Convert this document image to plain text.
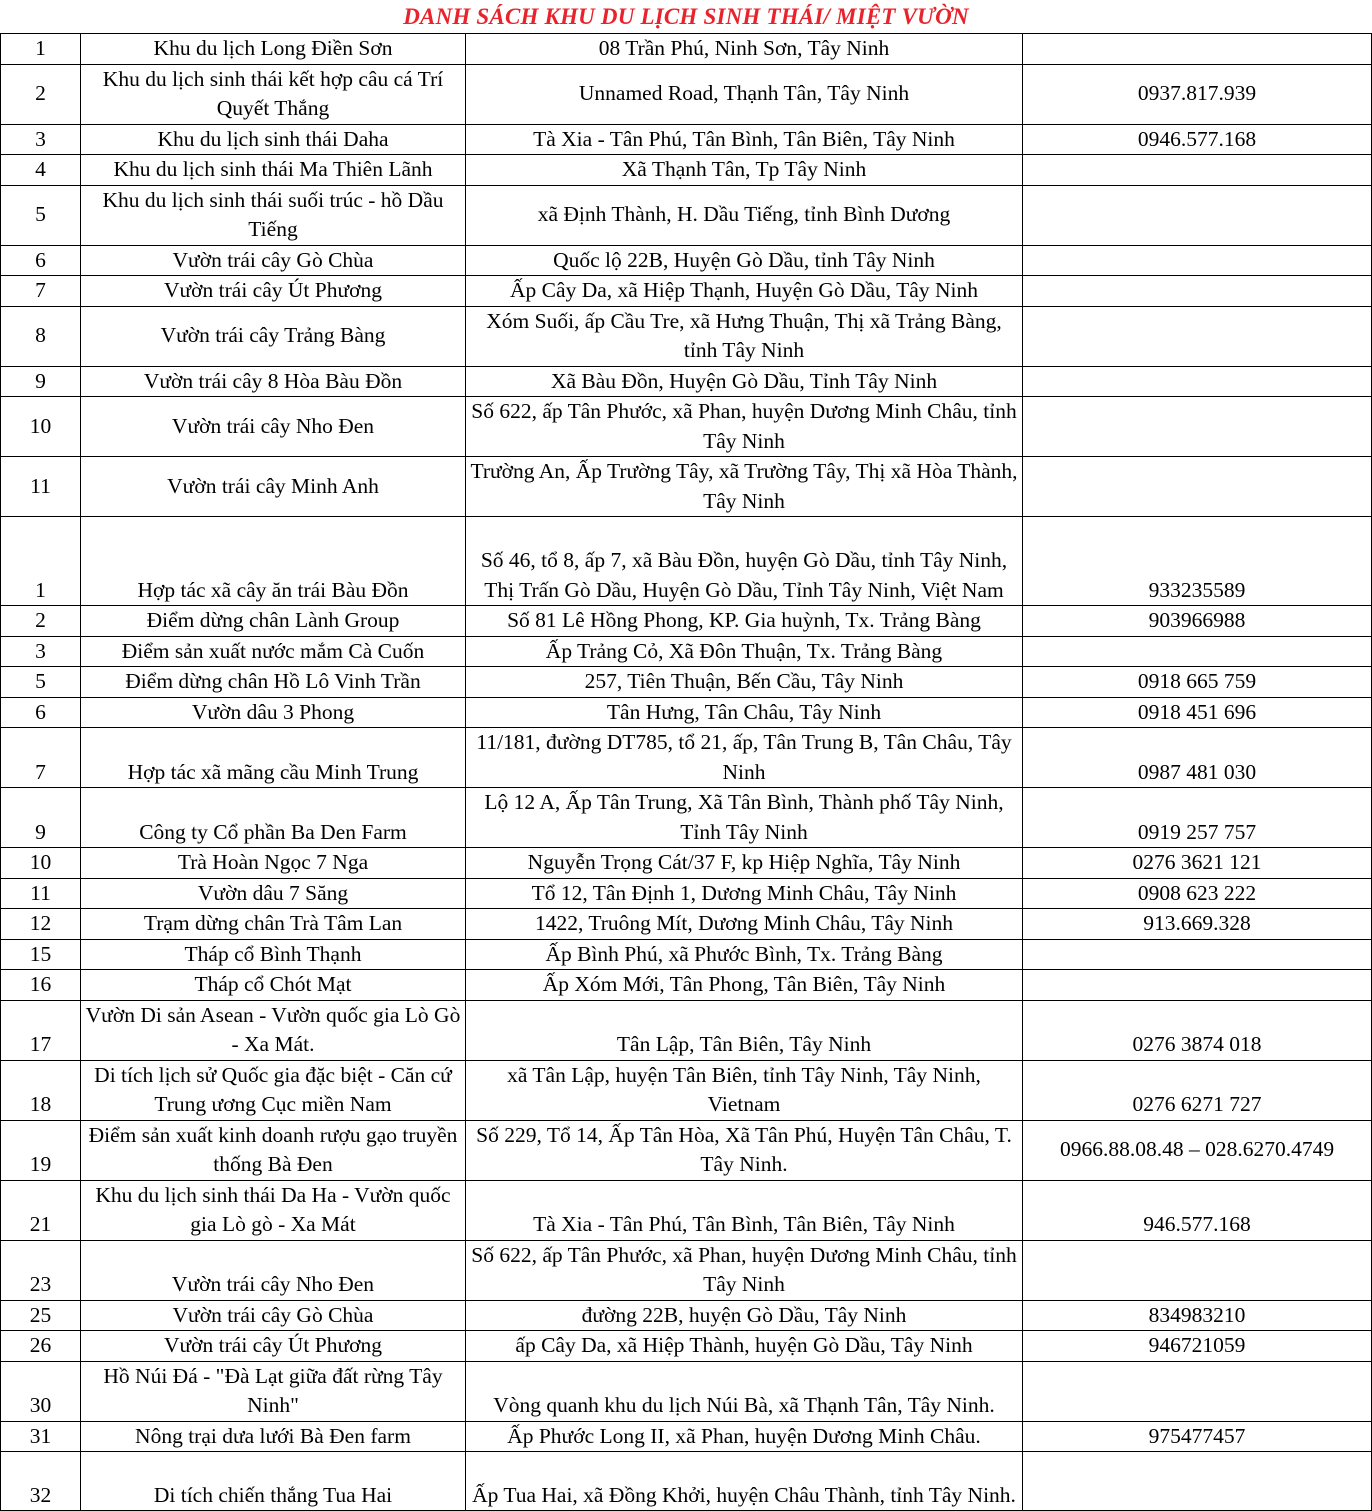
DANH SÁCH KHU DU LỊCH SINH THÁI/ MIỆT VƯỜN
1	Khu du lịch Long Điền Sơn	08 Trần Phú, Ninh Sơn, Tây Ninh	
2	Khu du lịch sinh thái kết hợp câu cá Trí Quyết Thắng	Unnamed Road, Thạnh Tân, Tây Ninh	0937.817.939
3	Khu du lịch sinh thái Daha	Tà Xia - Tân Phú, Tân Bình, Tân Biên, Tây Ninh	0946.577.168
4	Khu du lịch sinh thái Ma Thiên Lãnh	Xã Thạnh Tân, Tp Tây Ninh	
5	Khu du lịch sinh thái suối trúc - hồ Dầu Tiếng	xã Định Thành, H. Dầu Tiếng, tỉnh Bình Dương	
6	Vườn trái cây Gò Chùa	Quốc lộ 22B, Huyện Gò Dầu, tỉnh Tây Ninh	
7	Vườn trái cây Út Phương	Ấp Cây Da, xã Hiệp Thạnh, Huyện Gò Dầu, Tây Ninh	
8	Vườn trái cây Trảng Bàng	Xóm Suối, ấp Cầu Tre, xã Hưng Thuận, Thị xã Trảng Bàng, tỉnh Tây Ninh	
9	Vườn trái cây 8 Hòa Bàu Đồn	Xã Bàu Đồn, Huyện Gò Dầu, Tỉnh Tây Ninh	
10	Vườn trái cây Nho Đen	Số 622, ấp Tân Phước, xã Phan, huyện Dương Minh Châu, tỉnh Tây Ninh	
11	Vườn trái cây Minh Anh	Trường An, Ấp Trường Tây, xã Trường Tây, Thị xã Hòa Thành, Tây Ninh	
1	Hợp tác xã cây ăn trái Bàu Đồn	Số 46, tổ 8, ấp 7, xã Bàu Đồn, huyện Gò Dầu, tỉnh Tây Ninh, Thị Trấn Gò Dầu, Huyện Gò Dầu, Tỉnh Tây Ninh, Việt Nam	933235589
2	Điểm dừng chân Lành Group	Số 81 Lê Hồng Phong, KP. Gia huỳnh, Tx. Trảng Bàng	903966988
3	Điểm sản xuất nước mắm Cà Cuốn	Ấp Trảng Cỏ, Xã Đôn Thuận, Tx. Trảng Bàng	
5	Điểm dừng chân Hồ Lô Vinh Trần	257, Tiên Thuận, Bến Cầu, Tây Ninh	0918 665 759
6	Vườn dâu 3 Phong	Tân Hưng, Tân Châu, Tây Ninh	0918 451 696
7	Hợp tác xã mãng cầu Minh Trung	11/181, đường DT785, tổ 21, ấp, Tân Trung B, Tân Châu, Tây Ninh	0987 481 030
9	Công ty Cổ phần Ba Den Farm	Lộ 12 A, Ấp Tân Trung, Xã Tân Bình, Thành phố Tây Ninh, Tỉnh Tây Ninh	0919 257 757
10	Trà Hoàn Ngọc 7 Nga	Nguyễn Trọng Cát/37 F, kp Hiệp Nghĩa, Tây Ninh	0276 3621 121
11	Vườn dâu 7 Săng	Tổ 12, Tân Định 1, Dương Minh Châu, Tây Ninh	0908 623 222
12	Trạm dừng chân Trà Tâm Lan	1422, Truông Mít, Dương Minh Châu, Tây Ninh	913.669.328
15	Tháp cổ Bình Thạnh	Ấp Bình Phú, xã Phước Bình, Tx. Trảng Bàng	
16	Tháp cổ Chót Mạt	Ấp Xóm Mới, Tân Phong, Tân Biên, Tây Ninh	
17	Vườn Di sản Asean - Vườn quốc gia Lò Gò - Xa Mát.	Tân Lập, Tân Biên, Tây Ninh	0276 3874 018
18	Di tích lịch sử Quốc gia đặc biệt - Căn cứ Trung ương Cục miền Nam	xã Tân Lập, huyện Tân Biên, tỉnh Tây Ninh, Tây Ninh, Vietnam	0276 6271 727
19	Điểm sản xuất kinh doanh rượu gạo truyền thống Bà Đen	Số 229, Tổ 14, Ấp Tân Hòa, Xã Tân Phú, Huyện Tân Châu, T. Tây Ninh.	0966.88.08.48 – 028.6270.4749
21	Khu du lịch sinh thái Da Ha - Vườn quốc gia Lò gò - Xa Mát	Tà Xia - Tân Phú, Tân Bình, Tân Biên, Tây Ninh	946.577.168
23	Vườn trái cây Nho Đen	Số 622, ấp Tân Phước, xã Phan, huyện Dương Minh Châu, tỉnh Tây Ninh	
25	Vườn trái cây Gò Chùa	đường 22B, huyện Gò Dầu, Tây Ninh	834983210
26	Vườn trái cây Út Phương	ấp Cây Da, xã Hiệp Thành, huyện Gò Dầu, Tây Ninh	946721059
30	Hồ Núi Đá - "Đà Lạt giữa đất rừng Tây Ninh"	Vòng quanh khu du lịch Núi Bà, xã Thạnh Tân, Tây Ninh.	
31	Nông trại dưa lưới Bà Đen farm	Ấp Phước Long II, xã Phan, huyện Dương Minh Châu.	975477457
32	Di tích chiến thắng Tua Hai	Ấp Tua Hai, xã Đồng Khởi, huyện Châu Thành, tỉnh Tây Ninh.	
